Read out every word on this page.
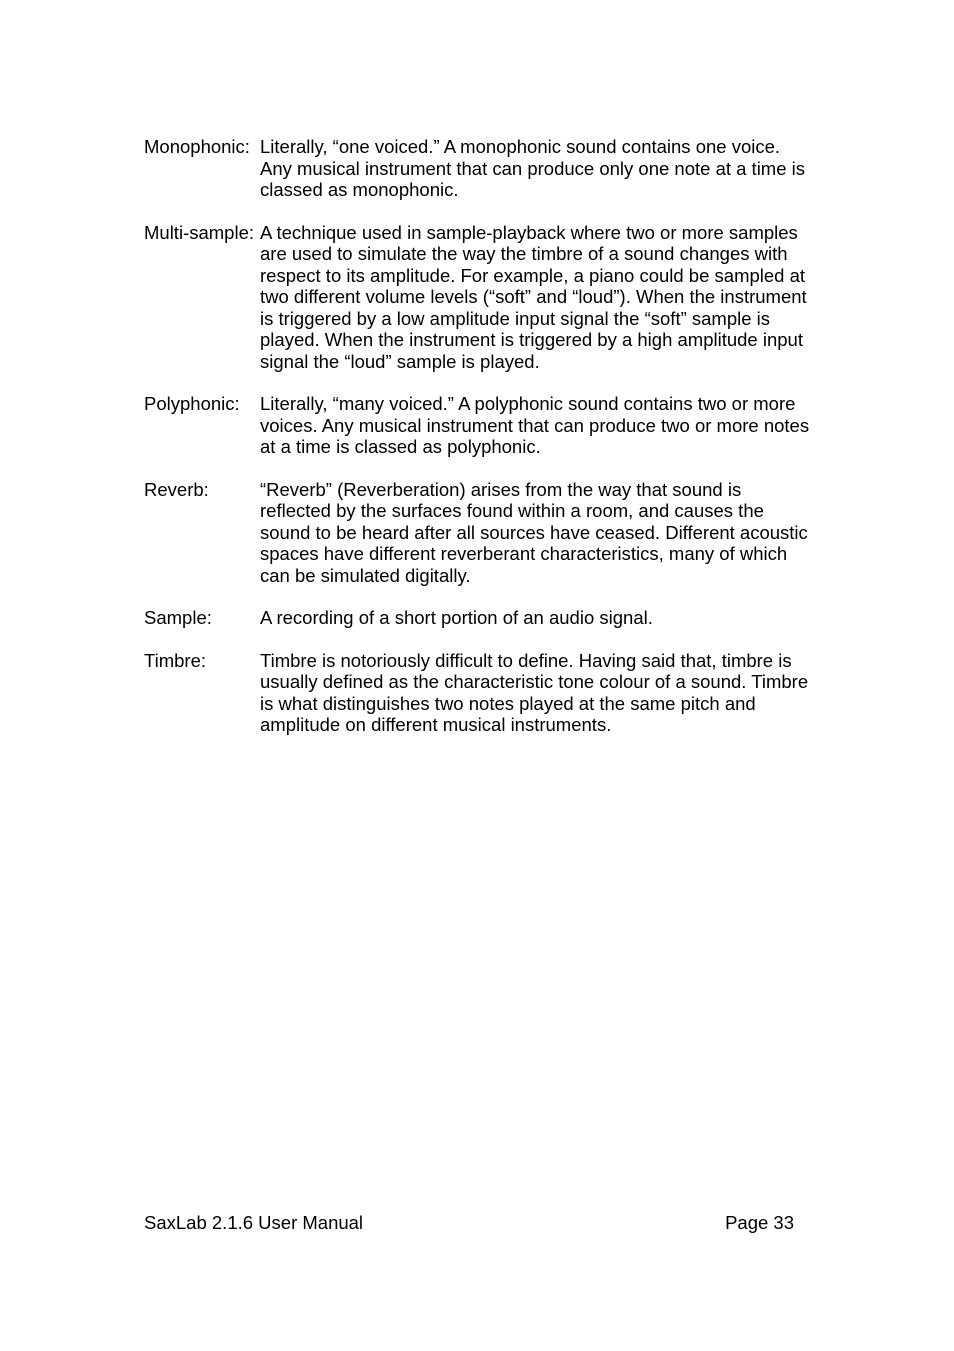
Monophonic: Literally, “one voiced.” A monophonic sound contains one voice. Any musical instrument that can produce only one note at a time is classed as monophonic.
Multi-sample: A technique used in sample-playback where two or more samples are used to simulate the way the timbre of a sound changes with respect to its amplitude. For example, a piano could be sampled at two different volume levels (“soft” and “loud”). When the instrument is triggered by a low amplitude input signal the “soft” sample is played. When the instrument is triggered by a high amplitude input signal the “loud” sample is played.
Polyphonic: Literally, “many voiced.” A polyphonic sound contains two or more voices. Any musical instrument that can produce two or more notes at a time is classed as polyphonic.
Reverb:	“Reverb” (Reverberation) arises from the way that sound is reflected by the surfaces found within a room, and causes the sound to be heard after all sources have ceased. Different acoustic spaces have different reverberant characteristics, many of which can be simulated digitally.
Sample:	A recording of a short portion of an audio signal.
Timbre:	Timbre is notoriously difficult to define. Having said that, timbre is usually defined as the characteristic tone colour of a sound. Timbre is what distinguishes two notes played at the same pitch and amplitude on different musical instruments.
SaxLab 2.1.6 User Manual	Page 33
